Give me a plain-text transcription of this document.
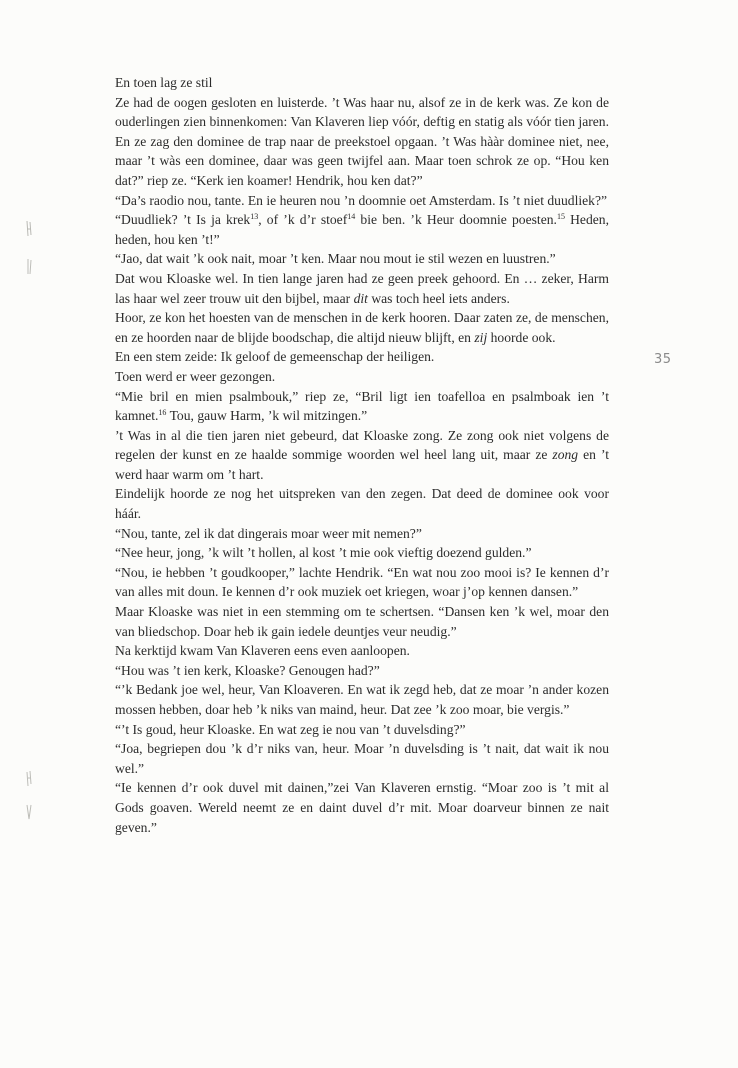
En toen lag ze stil

Ze had de oogen gesloten en luisterde. ’t Was haar nu, alsof ze in de kerk was. Ze kon de ouderlingen zien binnenkomen: Van Klaveren liep vóór, deftig en statig als vóór tien jaren. En ze zag den dominee de trap naar de preekstoel opgaan. ’t Was hààr dominee niet, nee, maar ’t wàs een dominee, daar was geen twijfel aan. Maar toen schrok ze op. “Hou ken dat?” riep ze. “Kerk ien koamer! Hendrik, hou ken dat?”

“Da’s raodio nou, tante. En ie heuren nou ’n doomnie oet Amsterdam. Is ’t niet duudliek?”

“Duudliek? ’t Is ja krek$^{13}$, of ’k d’r stoef$^{14}$ bie ben. ’k Heur doomnie poesten.$^{15}$ Heden, heden, hou ken ’t!”

“Jao, dat wait ’k ook nait, moar ’t ken. Maar nou mout ie stil wezen en luustren.”

Dat wou Kloaske wel. In tien lange jaren had ze geen preek gehoord. En … zeker, Harm las haar wel zeer trouw uit den bijbel, maar dit was toch heel iets anders.

Hoor, ze kon het hoesten van de menschen in de kerk hooren. Daar zaten ze, de menschen, en ze hoorden naar de blijde boodschap, die altijd nieuw blijft, en zij hoorde ook.

En een stem zeide: Ik geloof de gemeenschap der heiligen.

Toen werd er weer gezongen.

“Mie bril en mien psalmbouk,” riep ze, “Bril ligt ien toafelloa en psalmboak ien ’t kamnet.$^{16}$ Tou, gauw Harm, ’k wil mitzingen.”

’t Was in al die tien jaren niet gebeurd, dat Kloaske zong. Ze zong ook niet volgens de regelen der kunst en ze haalde sommige woorden wel heel lang uit, maar ze zong en ’t werd haar warm om ’t hart.

Eindelijk hoorde ze nog het uitspreken van den zegen. Dat deed de dominee ook voor háár.

“Nou, tante, zel ik dat dingerais moar weer mit nemen?”

“Nee heur, jong, ’k wilt ’t hollen, al kost ’t mie ook vieftig doezend gulden.”

“Nou, ie hebben ’t goudkooper,” lachte Hendrik. “En wat nou zoo mooi is? Ie kennen d’r van alles mit doun. Ie kennen d’r ook muziek oet kriegen, woar j’op kennen dansen.”

Maar Kloaske was niet in een stemming om te schertsen. “Dansen ken ’k wel, moar den van bliedschop. Doar heb ik gain iedele deuntjes veur neudig.”

Na kerktijd kwam Van Klaveren eens even aanloopen.

“Hou was ’t ien kerk, Kloaske? Genougen had?”

“’k Bedank joe wel, heur, Van Kloaveren. En wat ik zegd heb, dat ze moar ’n ander kozen mossen hebben, doar heb ’k niks van maind, heur. Dat zee ’k zoo moar, bie vergis.”

“’t Is goud, heur Kloaske. En wat zeg ie nou van ’t duvelsding?”

“Joa, begriepen dou ’k d’r niks van, heur. Moar ’n duvelsding is ’t nait, dat wait ik nou wel.”

“Ie kennen d’r ook duvel mit dainen,”zei Van Klaveren ernstig. “Moar zoo is ’t mit al Gods goaven. Wereld neemt ze en daint duvel d’r mit. Moar doarveur binnen ze nait geven.”

35
